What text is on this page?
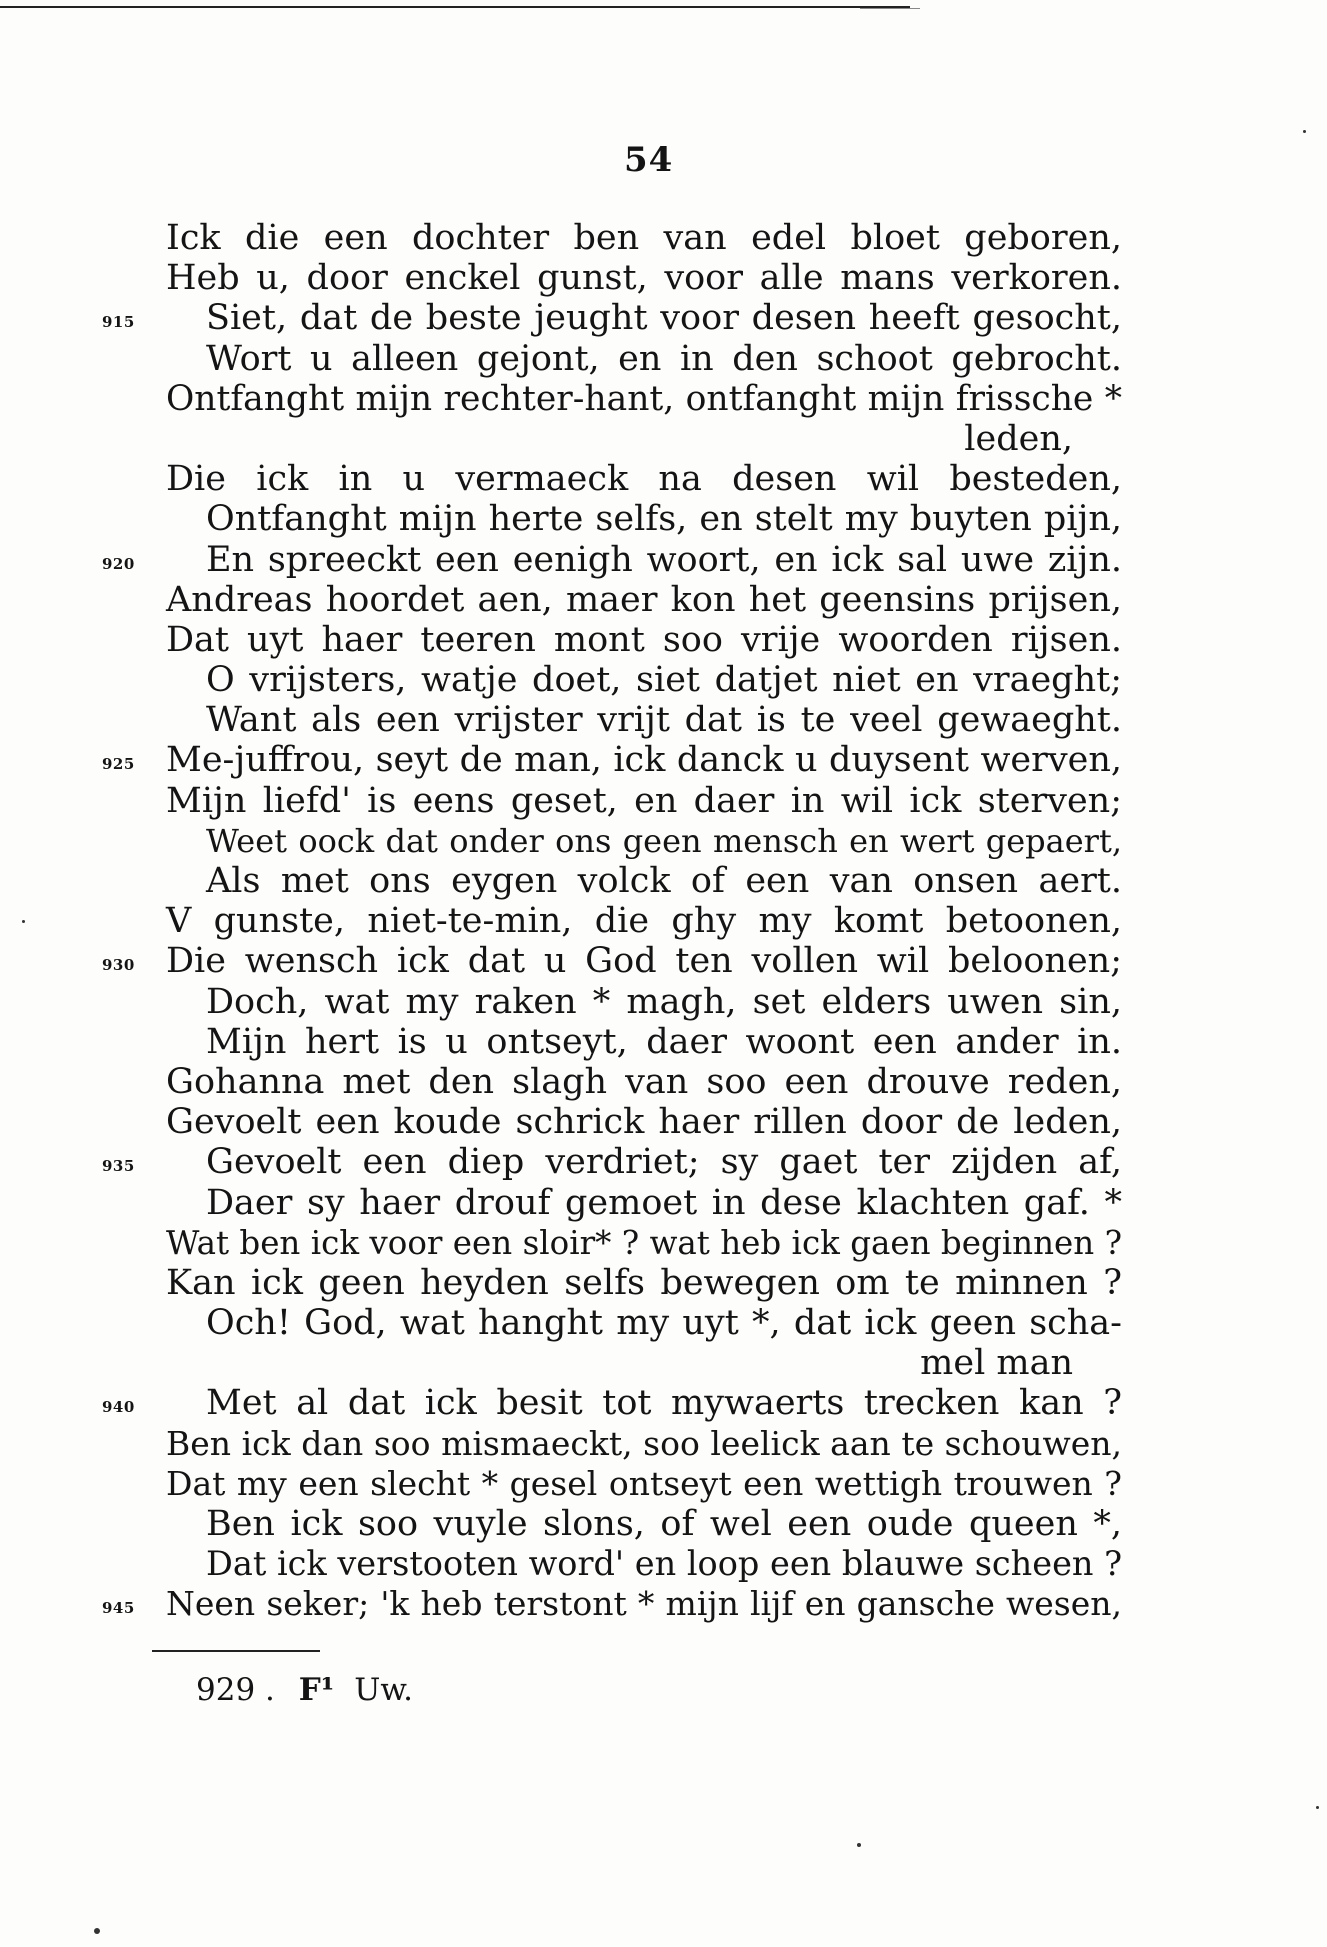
54
Ick die een dochter ben van edel bloet geboren,
Heb u, door enckel gunst, voor alle mans verkoren.
915 Siet, dat de beste jeught voor desen heeft gesocht,
Wort u alleen gejont, en in den schoot gebrocht.
Ontfanght mijn rechter-hant, ontfanght mijn frissche *
leden,
Die ick in u vermaeck na desen wil besteden,
Ontfanght mijn herte selfs, en stelt my buyten pijn,
920 En spreeckt een eenigh woort, en ick sal uwe zijn.
Andreas hoordet aen, maer kon het geensins prijsen,
Dat uyt haer teeren mont soo vrije woorden rijsen.
O vrijsters, watje doet, siet datjet niet en vraeght;
Want als een vrijster vrijt dat is te veel gewaeght.
925 Me-juffrou, seyt de man, ick danck u duysent werven,
Mijn liefd' is eens geset, en daer in wil ick sterven;
Weet oock dat onder ons geen mensch en wert gepaert,
Als met ons eygen volck of een van onsen aert.
V gunste, niet-te-min, die ghy my komt betoonen,
930 Die wensch ick dat u God ten vollen wil beloonen;
Doch, wat my raken * magh, set elders uwen sin,
Mijn hert is u ontseyt, daer woont een ander in.
Gohanna met den slagh van soo een drouve reden,
Gevoelt een koude schrick haer rillen door de leden,
935 Gevoelt een diep verdriet; sy gaet ter zijden af,
Daer sy haer drouf gemoet in dese klachten gaf. *
Wat ben ick voor een sloir* ? wat heb ick gaen beginnen ?
Kan ick geen heyden selfs bewegen om te minnen ?
Och! God, wat hanght my uyt *, dat ick geen scha-
mel man
940 Met al dat ick besit tot mywaerts trecken kan ?
Ben ick dan soo mismaeckt, soo leelick aan te schouwen,
Dat my een slecht * gesel ontseyt een wettigh trouwen ?
Ben ick soo vuyle slons, of wel een oude queen *,
Dat ick verstooten word' en loop een blauwe scheen ?
945 Neen seker; 'k heb terstont * mijn lijf en gansche wesen,
929 . F¹ Uw.
